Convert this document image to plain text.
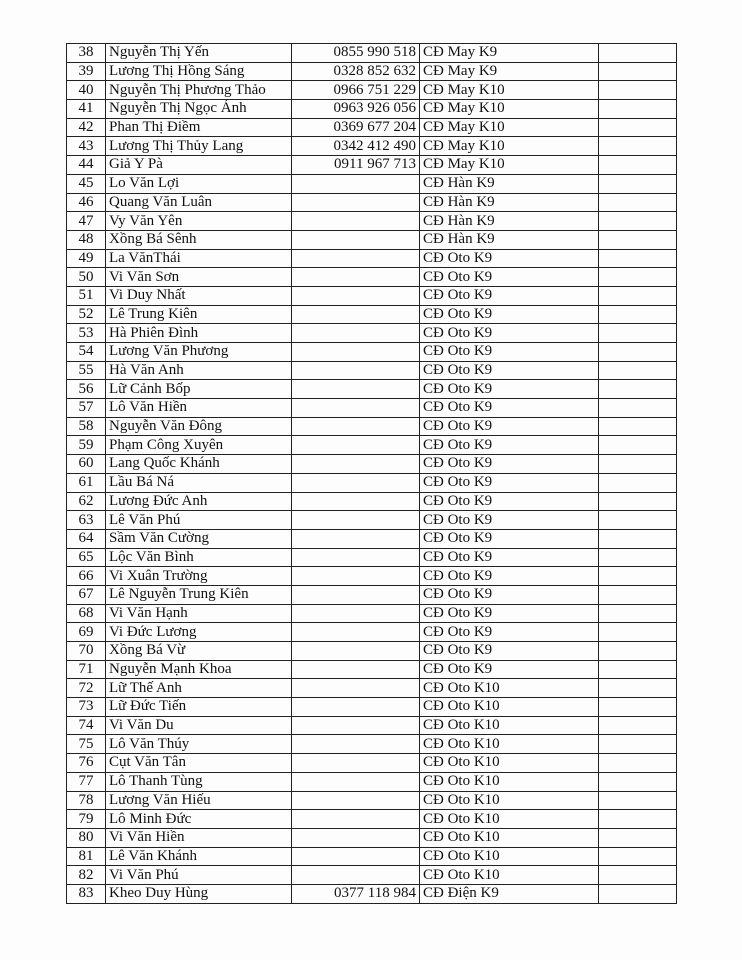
38	Nguyễn Thị Yến	0855 990 518	CĐ May K9	
39	Lương Thị Hồng Sáng	0328 852 632	CĐ May K9	
40	Nguyễn Thị Phương Thảo	0966 751 229	CĐ May K10	
41	Nguyễn Thị Ngọc Ánh	0963 926 056	CĐ May K10	
42	Phan Thị Điềm	0369 677 204	CĐ May K10	
43	Lương Thị Thủy Lang	0342 412 490	CĐ May K10	
44	Giả Y Pà	0911 967 713	CĐ May K10	
45	Lo Văn Lợi		CĐ Hàn K9	
46	Quang Văn Luân		CĐ Hàn K9	
47	Vy Văn Yên		CĐ Hàn K9	
48	Xồng Bá Sênh		CĐ Hàn K9	
49	La VănThái		CĐ Oto K9	
50	Vi Văn Sơn		CĐ Oto K9	
51	Vi Duy Nhất		CĐ Oto K9	
52	Lê Trung Kiên		CĐ Oto K9	
53	Hà Phiên Đình		CĐ Oto K9	
54	Lương Văn Phương		CĐ Oto K9	
55	Hà Văn Anh		CĐ Oto K9	
56	Lữ Cảnh Bốp		CĐ Oto K9	
57	Lô Văn Hiền		CĐ Oto K9	
58	Nguyễn Văn Đông		CĐ Oto K9	
59	Phạm Công Xuyên		CĐ Oto K9	
60	Lang Quốc Khánh		CĐ Oto K9	
61	Lầu Bá Ná		CĐ Oto K9	
62	Lương Đức Anh		CĐ Oto K9	
63	Lê Văn Phú		CĐ Oto K9	
64	Sầm Văn Cường		CĐ Oto K9	
65	Lộc Văn Bình		CĐ Oto K9	
66	Vi Xuân Trường		CĐ Oto K9	
67	Lê Nguyễn Trung Kiên		CĐ Oto K9	
68	Vi Văn Hạnh		CĐ Oto K9	
69	Vi Đức Lương		CĐ Oto K9	
70	Xồng Bá Vừ		CĐ Oto K9	
71	Nguyễn Mạnh Khoa		CĐ Oto K9	
72	Lữ Thế Anh		CĐ Oto K10	
73	Lữ Đức Tiến		CĐ Oto K10	
74	Vi Văn Du		CĐ Oto K10	
75	Lô Văn Thúy		CĐ Oto K10	
76	Cụt Văn Tân		CĐ Oto K10	
77	Lô Thanh Tùng		CĐ Oto K10	
78	Lương Văn Hiếu		CĐ Oto K10	
79	Lô Minh Đức		CĐ Oto K10	
80	Vi Văn Hiền		CĐ Oto K10	
81	Lê Văn Khánh		CĐ Oto K10	
82	Vi Văn Phú		CĐ Oto K10	
83	Kheo Duy Hùng	0377 118 984	CĐ Điện K9	
